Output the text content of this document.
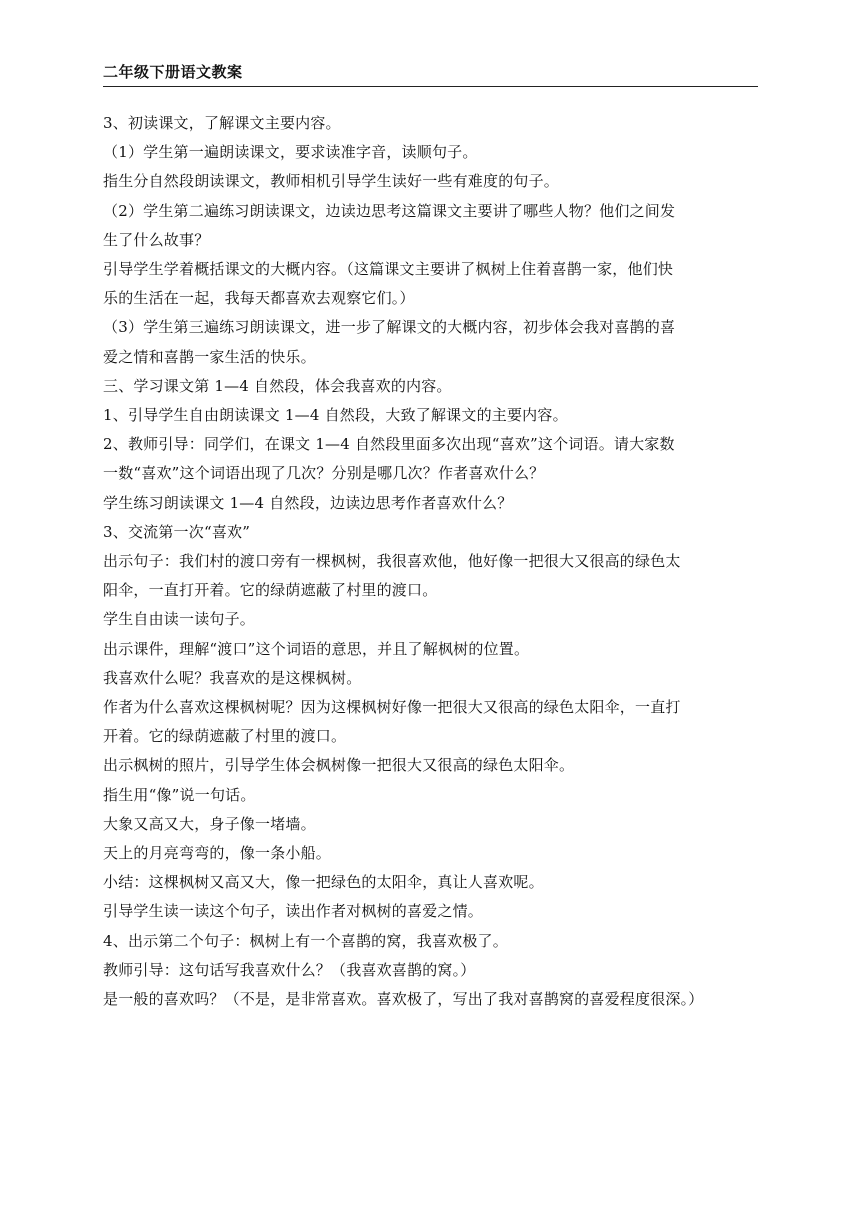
二年级下册语文教案

3、初读课文，了解课文主要内容。

（1）学生第一遍朗读课文，要求读准字音，读顺句子。

指生分自然段朗读课文，教师相机引导学生读好一些有难度的句子。

（2）学生第二遍练习朗读课文，边读边思考这篇课文主要讲了哪些人物？他们之间发

生了什么故事？

引导学生学着概括课文的大概内容。（这篇课文主要讲了枫树上住着喜鹊一家，他们快

乐的生活在一起，我每天都喜欢去观察它们。）

（3）学生第三遍练习朗读课文，进一步了解课文的大概内容，初步体会我对喜鹊的喜

爱之情和喜鹊一家生活的快乐。

三、学习课文第 1—4 自然段，体会我喜欢的内容。

1、引导学生自由朗读课文 1—4 自然段，大致了解课文的主要内容。

2、教师引导：同学们，在课文 1—4 自然段里面多次出现“喜欢”这个词语。请大家数

一数“喜欢”这个词语出现了几次？分别是哪几次？作者喜欢什么？

学生练习朗读课文 1—4 自然段，边读边思考作者喜欢什么？

3、交流第一次“喜欢”

出示句子：我们村的渡口旁有一棵枫树，我很喜欢他，他好像一把很大又很高的绿色太

阳伞，一直打开着。它的绿荫遮蔽了村里的渡口。

学生自由读一读句子。

出示课件，理解“渡口”这个词语的意思，并且了解枫树的位置。

我喜欢什么呢？我喜欢的是这棵枫树。

作者为什么喜欢这棵枫树呢？因为这棵枫树好像一把很大又很高的绿色太阳伞，一直打

开着。它的绿荫遮蔽了村里的渡口。

出示枫树的照片，引导学生体会枫树像一把很大又很高的绿色太阳伞。

指生用“像”说一句话。

大象又高又大，身子像一堵墙。

天上的月亮弯弯的，像一条小船。

小结：这棵枫树又高又大，像一把绿色的太阳伞，真让人喜欢呢。

引导学生读一读这个句子，读出作者对枫树的喜爱之情。

4、出示第二个句子：枫树上有一个喜鹊的窝，我喜欢极了。

教师引导：这句话写我喜欢什么？（我喜欢喜鹊的窝。）

是一般的喜欢吗？（不是，是非常喜欢。喜欢极了，写出了我对喜鹊窝的喜爱程度很深。）
